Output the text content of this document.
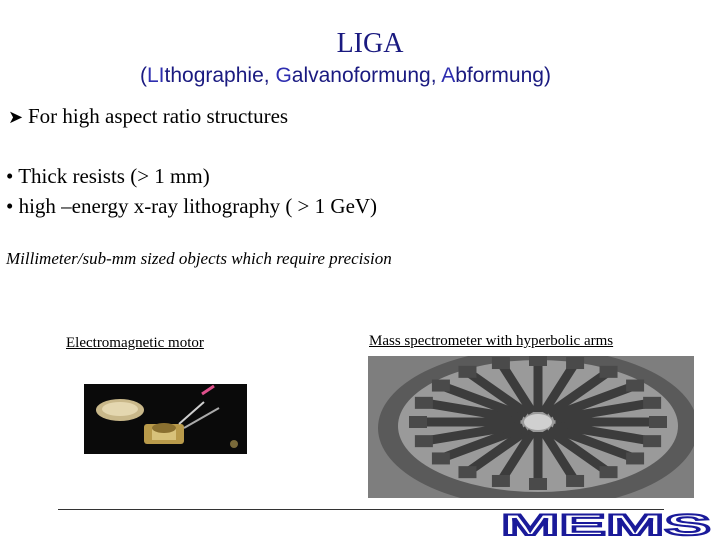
LIGA
(LIthographie, Galvanoformung, Abformung)
➤ For high aspect ratio structures
• Thick resists (> 1 mm)
• high –energy x-ray lithography ( > 1 GeV)
Millimeter/sub-mm sized objects which require precision
Electromagnetic motor	Mass spectrometer with hyperbolic arms
MEMS
